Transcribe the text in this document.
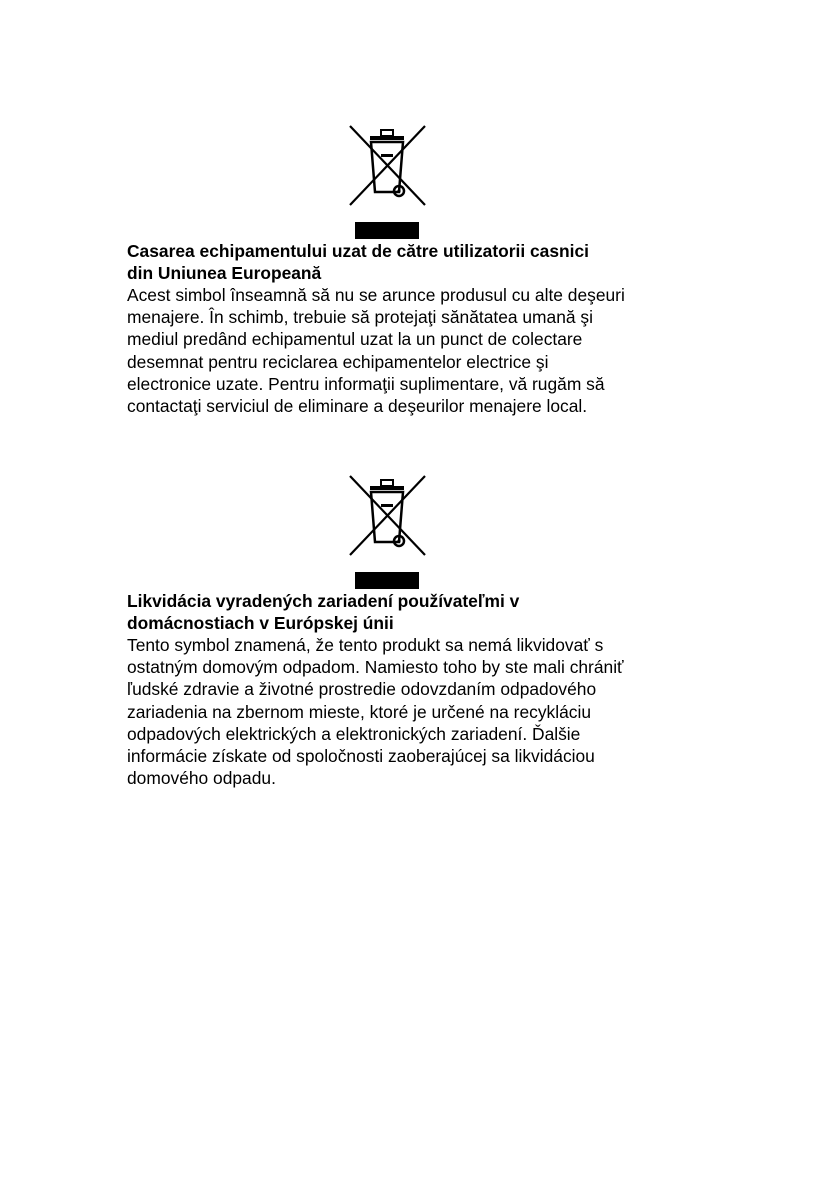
Casarea echipamentului uzat de către utilizatorii casnici
din Uniunea Europeană

Acest simbol înseamnă să nu se arunce produsul cu alte deşeuri
menajere. În schimb, trebuie să protejaţi sănătatea umană şi
mediul predând echipamentul uzat la un punct de colectare
desemnat pentru reciclarea echipamentelor electrice şi
electronice uzate. Pentru informaţii suplimentare, vă rugăm să
contactaţi serviciul de eliminare a deşeurilor menajere local.

Likvidácia vyradených zariadení používateľmi v
domácnostiach v Európskej únii

Tento symbol znamená, že tento produkt sa nemá likvidovať s
ostatným domovým odpadom. Namiesto toho by ste mali chrániť
ľudské zdravie a životné prostredie odovzdaním odpadového
zariadenia na zbernom mieste, ktoré je určené na recykláciu
odpadových elektrických a elektronických zariadení. Ďalšie
informácie získate od spoločnosti zaoberajúcej sa likvidáciou
domového odpadu.
